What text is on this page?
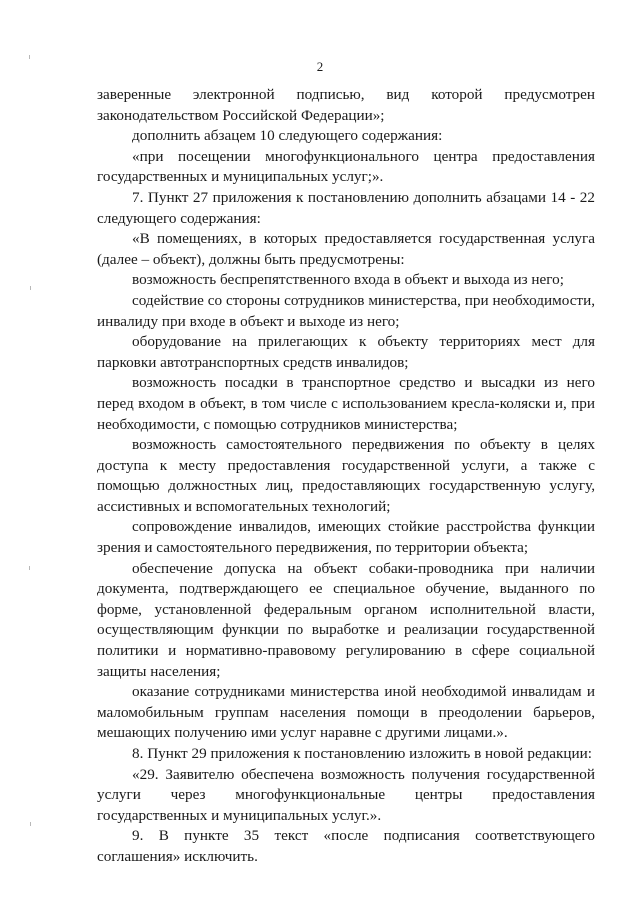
2

заверенные электронной подписью, вид которой предусмотрен законодательством Российской Федерации»;

дополнить абзацем 10 следующего содержания:

«при посещении многофункционального центра предоставления государственных и муниципальных услуг;».

7. Пункт 27 приложения к постановлению дополнить абзацами 14 - 22 следующего содержания:

«В помещениях, в которых предоставляется государственная услуга (далее – объект), должны быть предусмотрены:

возможность беспрепятственного входа в объект и выхода из него;

содействие со стороны сотрудников министерства, при необходимости, инвалиду при входе в объект и выходе из него;

оборудование на прилегающих к объекту территориях мест для парковки автотранспортных средств инвалидов;

возможность посадки в транспортное средство и высадки из него перед входом в объект, в том числе с использованием кресла-коляски и, при необходимости, с помощью сотрудников министерства;

возможность самостоятельного передвижения по объекту в целях доступа к месту предоставления государственной услуги, а также с помощью должностных лиц, предоставляющих государственную услугу, ассистивных и вспомогательных технологий;

сопровождение инвалидов, имеющих стойкие расстройства функции зрения и самостоятельного передвижения, по территории объекта;

обеспечение допуска на объект собаки-проводника при наличии документа, подтверждающего ее специальное обучение, выданного по форме, установленной федеральным органом исполнительной власти, осуществляющим функции по выработке и реализации государственной политики и нормативно-правовому регулированию в сфере социальной защиты населения;

оказание сотрудниками министерства иной необходимой инвалидам и маломобильным группам населения помощи в преодолении барьеров, мешающих получению ими услуг наравне с другими лицами.».

8. Пункт 29 приложения к постановлению изложить в новой редакции:

«29. Заявителю обеспечена возможность получения государственной услуги через многофункциональные центры предоставления государственных и муниципальных услуг.».

9. В пункте 35 текст «после подписания соответствующего соглашения» исключить.
